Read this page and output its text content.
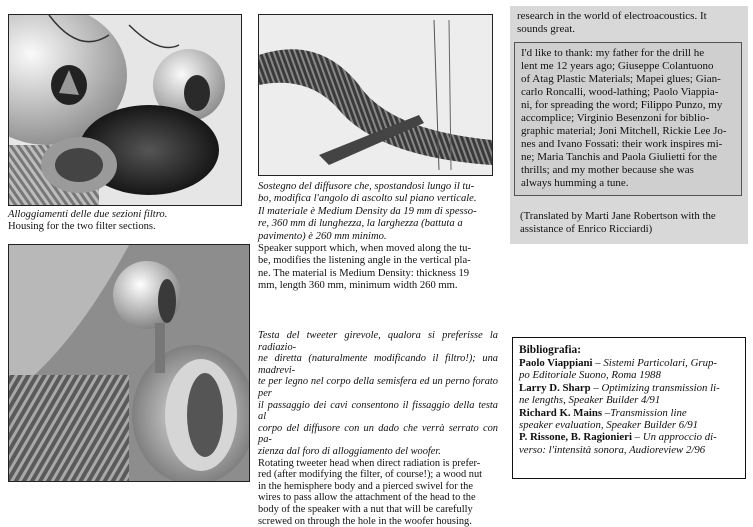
Alloggiamenti delle due sezioni filtro.

Housing for the two filter sections.

Sostegno del diffusore che, spostandosi lungo il tu-

bo, modifica l'angolo di ascolto sul piano verticale.

Il materiale è Medium Density da 19 mm di spesso-

re, 360 mm di lunghezza, la larghezza (battuta a

pavimento) è 260 mm minimo.

Speaker support which, when moved along the tu-

be, modifies the listening angle in the vertical pla-

ne. The material is Medium Density: thickness 19

mm, length 360 mm, minimum width 260 mm.

Testa del tweeter girevole, qualora si preferisse la radiazio-

ne diretta (naturalmente modificando il filtro!); una madrevi-

te per legno nel corpo della semisfera ed un perno forato per

il passaggio dei cavi consentono il fissaggio della testa al

corpo del diffusore con un dado che verrà serrato con pa-

zienza dal foro di alloggiamento del woofer.

Rotating tweeter head when direct radiation is prefer-

red (after modifying the filter, of course!); a wood nut

in the hemisphere body and a pierced swivel for the

wires to pass allow the attachment of the head to the

body of the speaker with a nut that will be carefully

screwed on through the hole in the woofer housing.

research in the world of electroacoustics. It

sounds great.

I'd like to thank: my father for the drill he

lent me 12 years ago; Giuseppe Colantuono

of Atag Plastic Materials; Mapei glues; Gian-

carlo Roncalli, wood-lathing; Paolo Viappia-

ni, for spreading the word; Filippo Punzo, my

accomplice; Virginio Besenzoni for biblio-

graphic material; Joni Mitchell, Rickie Lee Jo-

nes and Ivano Fossati: their work inspires mi-

ne; Maria Tanchis and Paola Giulietti for the

thrills; and my mother because she was

always humming a tune.

(Translated by Marti Jane Robertson with the

assistance of Enrico Ricciardi)

Bibliografia:

Paolo Viappiani – Sistemi Particolari, Grup-

po Editoriale Suono, Roma 1988

Larry D. Sharp – Optimizing transmission li-

ne lengths, Speaker Builder 4/91

Richard K. Mains –Transmission line

speaker evaluation, Speaker Builder 6/91

P. Rissone, B. Ragionieri – Un approccio di-

verso: l'intensità sonora, Audioreview 2/96
